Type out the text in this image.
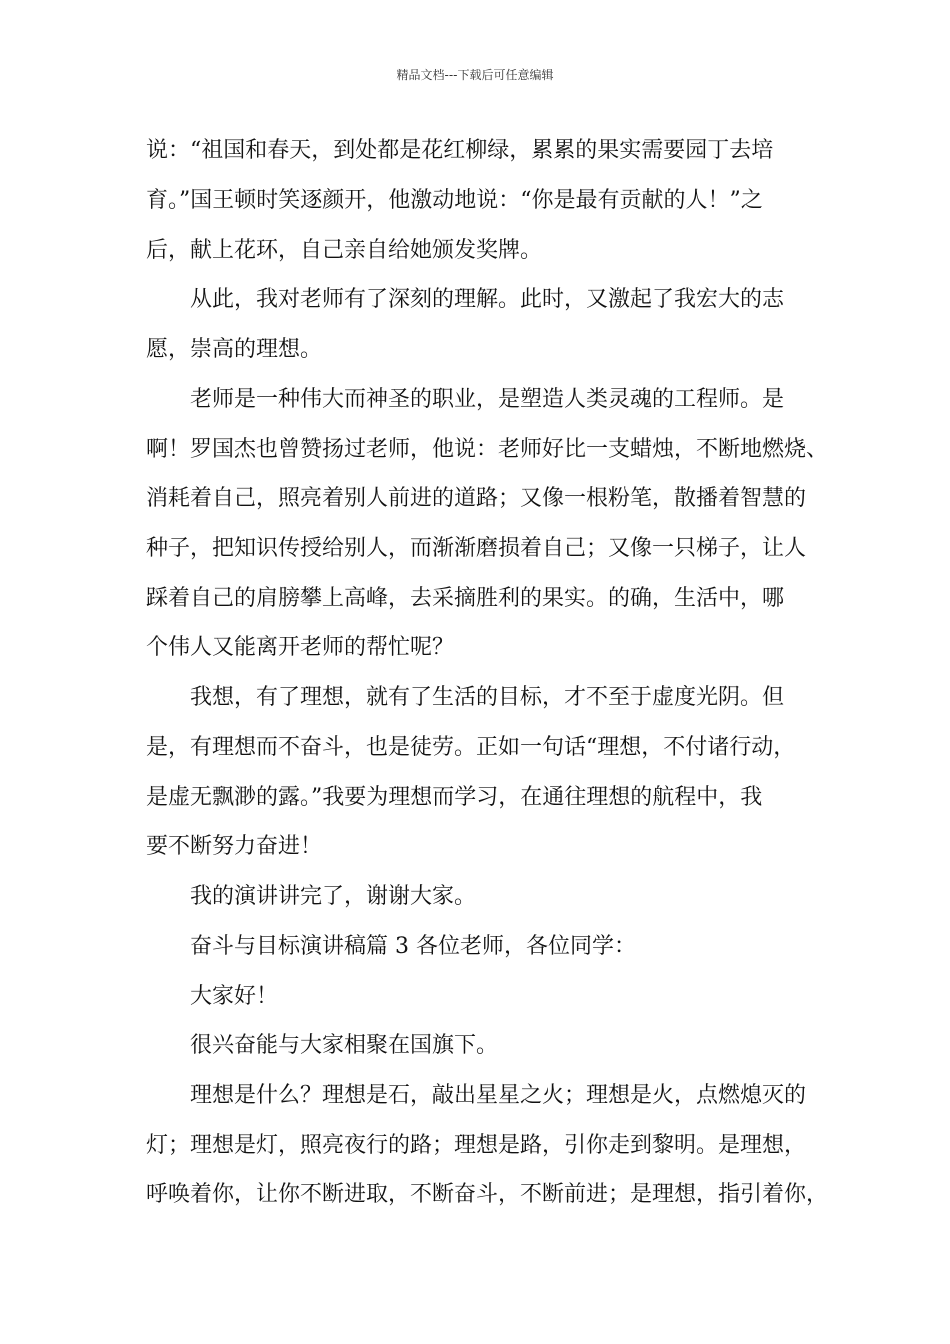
精品文档---下载后可任意编辑
说：“祖国和春天，到处都是花红柳绿，累累的果实需要园丁去培
育。”国王顿时笑逐颜开，他激动地说：“你是最有贡献的人！”之
后，献上花环，自己亲自给她颁发奖牌。
从此，我对老师有了深刻的理解。此时，又激起了我宏大的志
愿，崇高的理想。
老师是一种伟大而神圣的职业，是塑造人类灵魂的工程师。是
啊！罗国杰也曾赞扬过老师，他说：老师好比一支蜡烛，不断地燃烧、
消耗着自己，照亮着别人前进的道路；又像一根粉笔，散播着智慧的
种子，把知识传授给别人，而渐渐磨损着自己；又像一只梯子，让人
踩着自己的肩膀攀上高峰，去采摘胜利的果实。的确，生活中，哪
个伟人又能离开老师的帮忙呢？
我想，有了理想，就有了生活的目标，才不至于虚度光阴。但
是，有理想而不奋斗，也是徒劳。正如一句话“理想，不付诸行动，
是虚无飘渺的露。”我要为理想而学习，在通往理想的航程中，我
要不断努力奋进！
我的演讲讲完了，谢谢大家。
奋斗与目标演讲稿篇 3 各位老师，各位同学：
大家好！
很兴奋能与大家相聚在国旗下。
理想是什么？理想是石，敲出星星之火；理想是火，点燃熄灭的
灯；理想是灯，照亮夜行的路；理想是路，引你走到黎明。是理想，
呼唤着你，让你不断进取，不断奋斗，不断前进；是理想，指引着你，
